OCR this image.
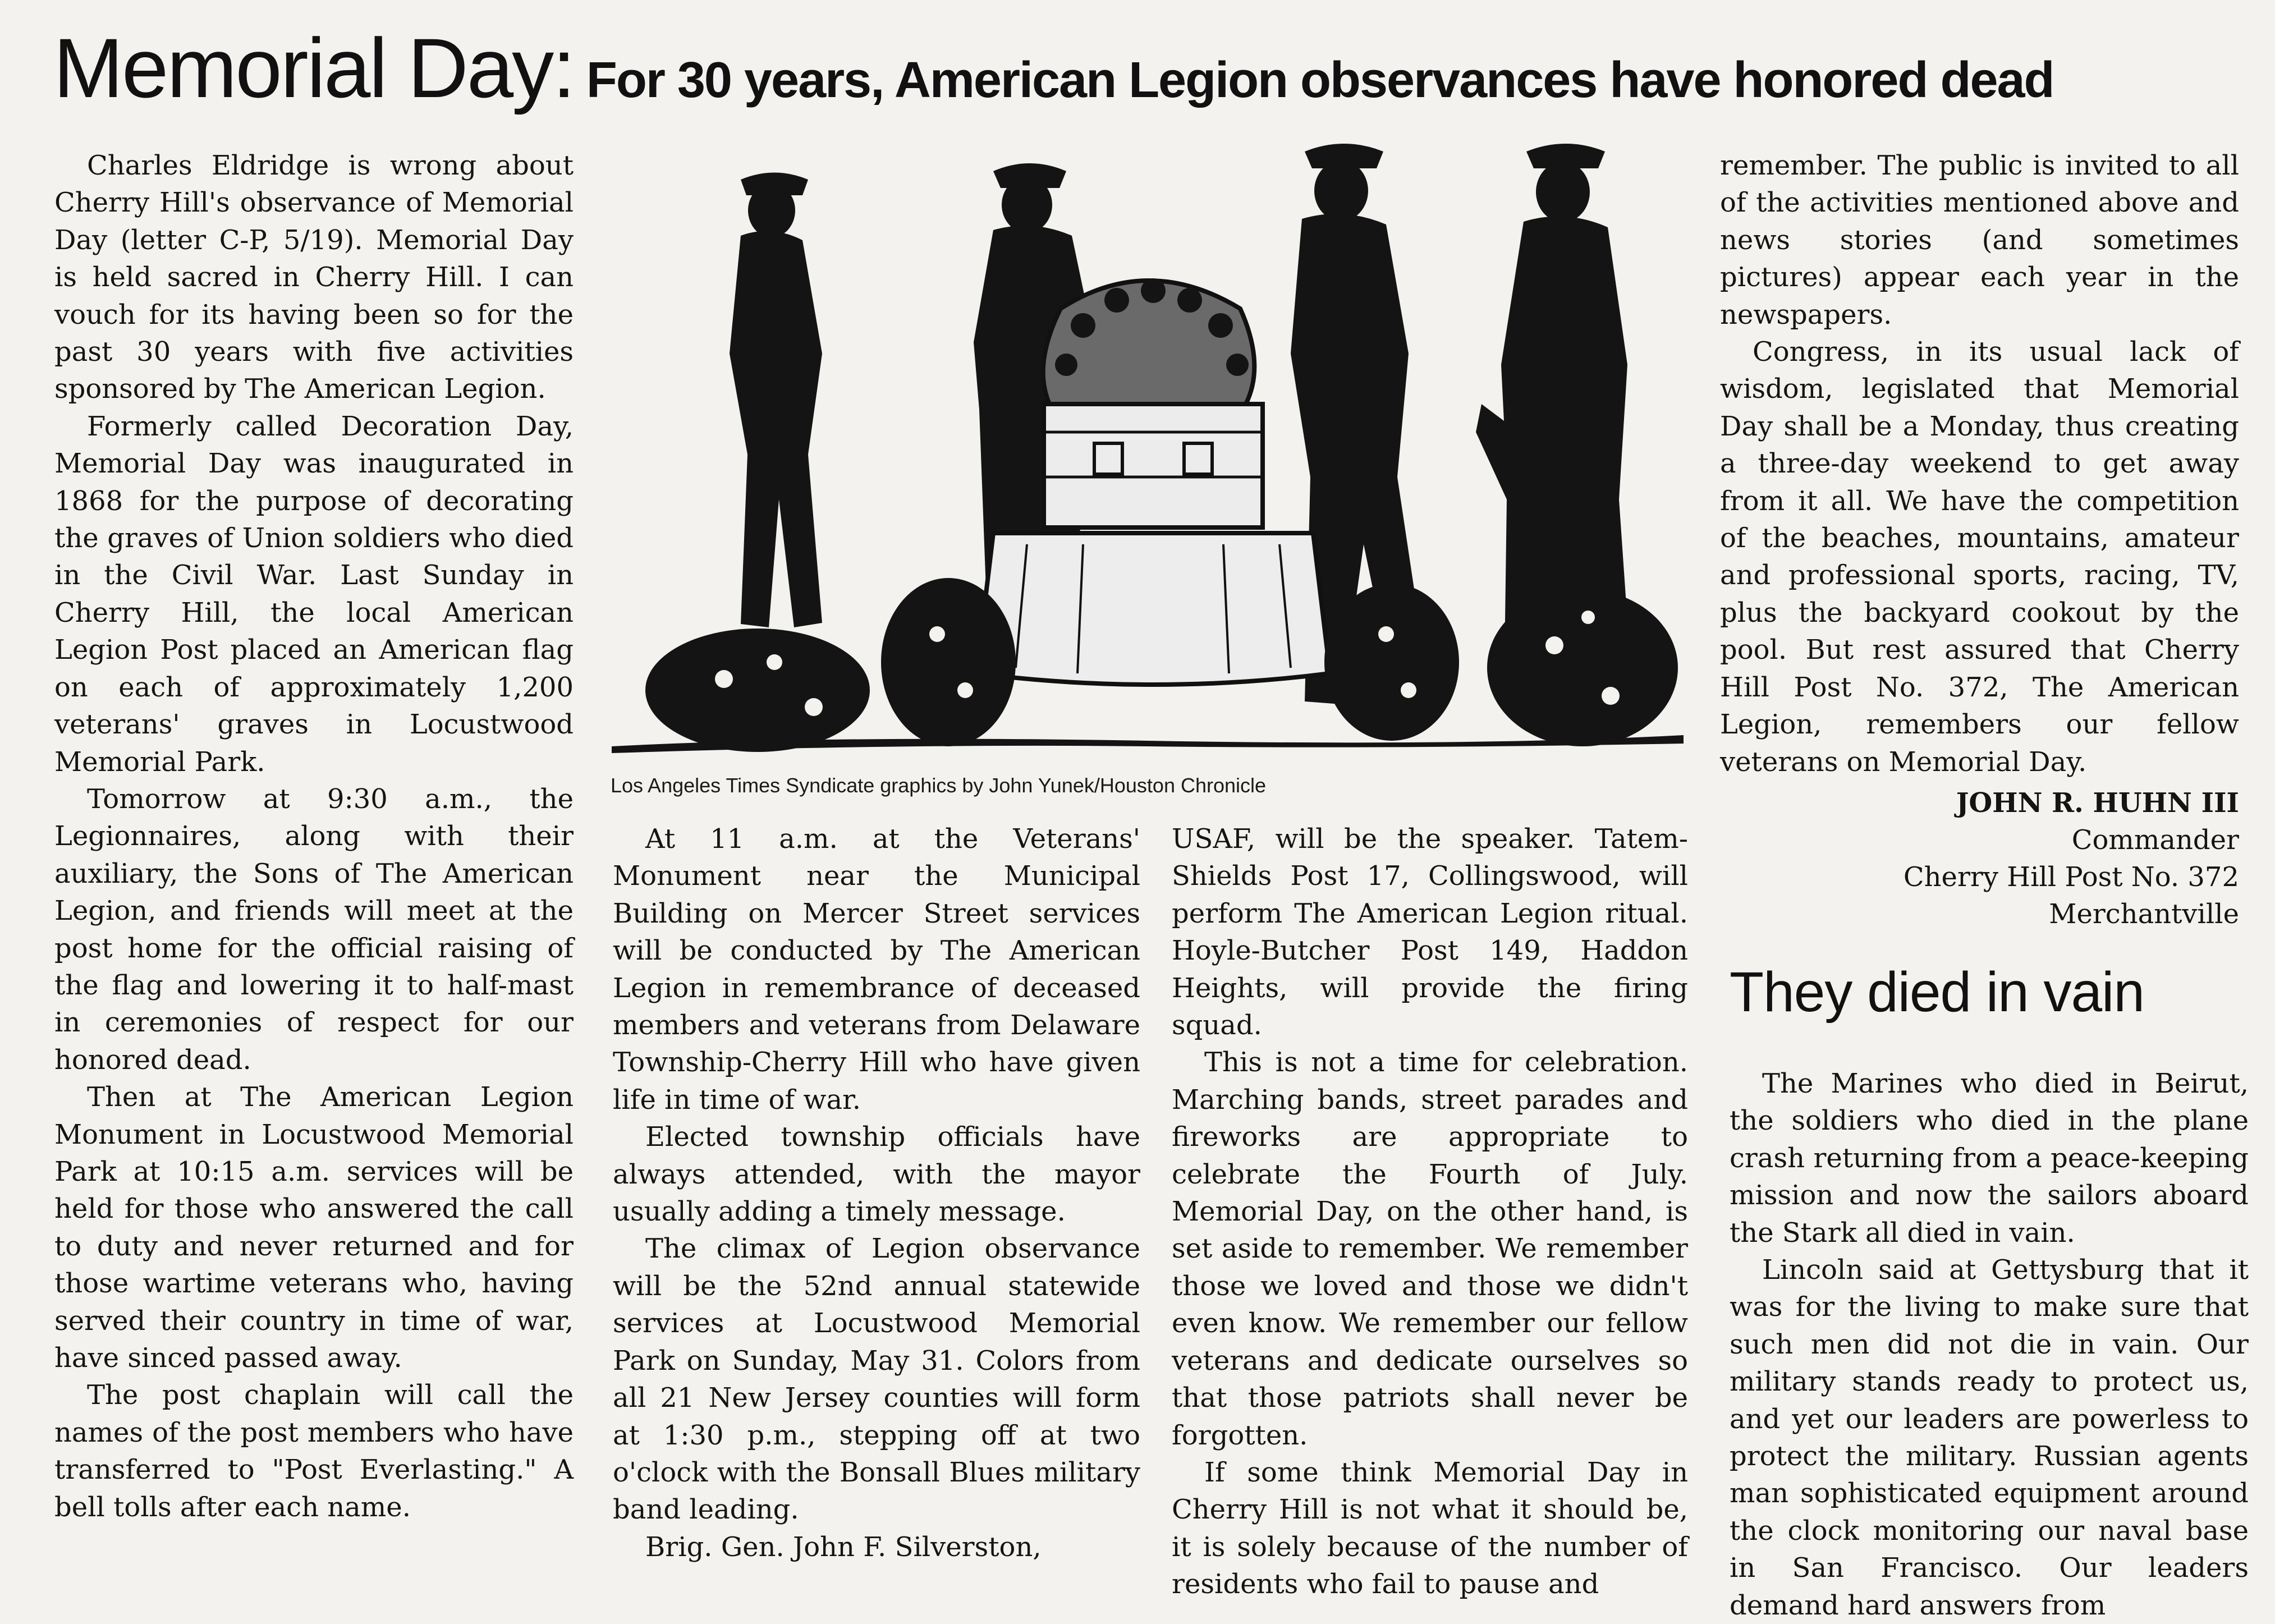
Memorial Day: For 30 years, American Legion observances have honored dead

Charles Eldridge is wrong about Cherry Hill's observance of Memorial Day (letter C-P, 5/19). Memorial Day is held sacred in Cherry Hill. I can vouch for its having been so for the past 30 years with five activities sponsored by The American Legion.

Formerly called Decoration Day, Memorial Day was inaugurated in 1868 for the purpose of decorating the graves of Union soldiers who died in the Civil War. Last Sunday in Cherry Hill, the local American Legion Post placed an American flag on each of approximately 1,200 veterans' graves in Locustwood Memorial Park.

Tomorrow at 9:30 a.m., the Legionnaires, along with their auxiliary, the Sons of The American Legion, and friends will meet at the post home for the official raising of the flag and lowering it to half-mast in ceremonies of respect for our honored dead.

Then at The American Legion Monument in Locustwood Memorial Park at 10:15 a.m. services will be held for those who answered the call to duty and never returned and for those wartime veterans who, having served their country in time of war, have sinced passed away.

The post chaplain will call the names of the post members who have transferred to "Post Everlasting." A bell tolls after each name.

Los Angeles Times Syndicate graphics by John Yunek/Houston Chronicle

At 11 a.m. at the Veterans' Monument near the Municipal Building on Mercer Street services will be conducted by The American Legion in remembrance of deceased members and veterans from Delaware Township-Cherry Hill who have given life in time of war.

Elected township officials have always attended, with the mayor usually adding a timely message.

The climax of Legion observance will be the 52nd annual statewide services at Locustwood Memorial Park on Sunday, May 31. Colors from all 21 New Jersey counties will form at 1:30 p.m., stepping off at two o'clock with the Bonsall Blues military band leading.

Brig. Gen. John F. Silverston,

USAF, will be the speaker. Tatem-Shields Post 17, Collingswood, will perform The American Legion ritual. Hoyle-Butcher Post 149, Haddon Heights, will provide the firing squad.

This is not a time for celebration. Marching bands, street parades and fireworks are appropriate to celebrate the Fourth of July. Memorial Day, on the other hand, is set aside to remember. We remember those we loved and those we didn't even know. We remember our fellow veterans and dedicate ourselves so that those patriots shall never be forgotten.

If some think Memorial Day in Cherry Hill is not what it should be, it is solely because of the number of residents who fail to pause and

remember. The public is invited to all of the activities mentioned above and news stories (and sometimes pictures) appear each year in the newspapers.

Congress, in its usual lack of wisdom, legislated that Memorial Day shall be a Monday, thus creating a three-day weekend to get away from it all. We have the competition of the beaches, mountains, amateur and professional sports, racing, TV, plus the backyard cookout by the pool. But rest assured that Cherry Hill Post No. 372, The American Legion, remembers our fellow veterans on Memorial Day.

JOHN R. HUHN III
Commander
Cherry Hill Post No. 372
Merchantville
They died in vain

The Marines who died in Beirut, the soldiers who died in the plane crash returning from a peace-keeping mission and now the sailors aboard the Stark all died in vain.

Lincoln said at Gettysburg that it was for the living to make sure that such men did not die in vain. Our military stands ready to protect us, and yet our leaders are powerless to protect the military. Russian agents man sophisticated equipment around the clock monitoring our naval base in San Francisco. Our leaders demand hard answers from
